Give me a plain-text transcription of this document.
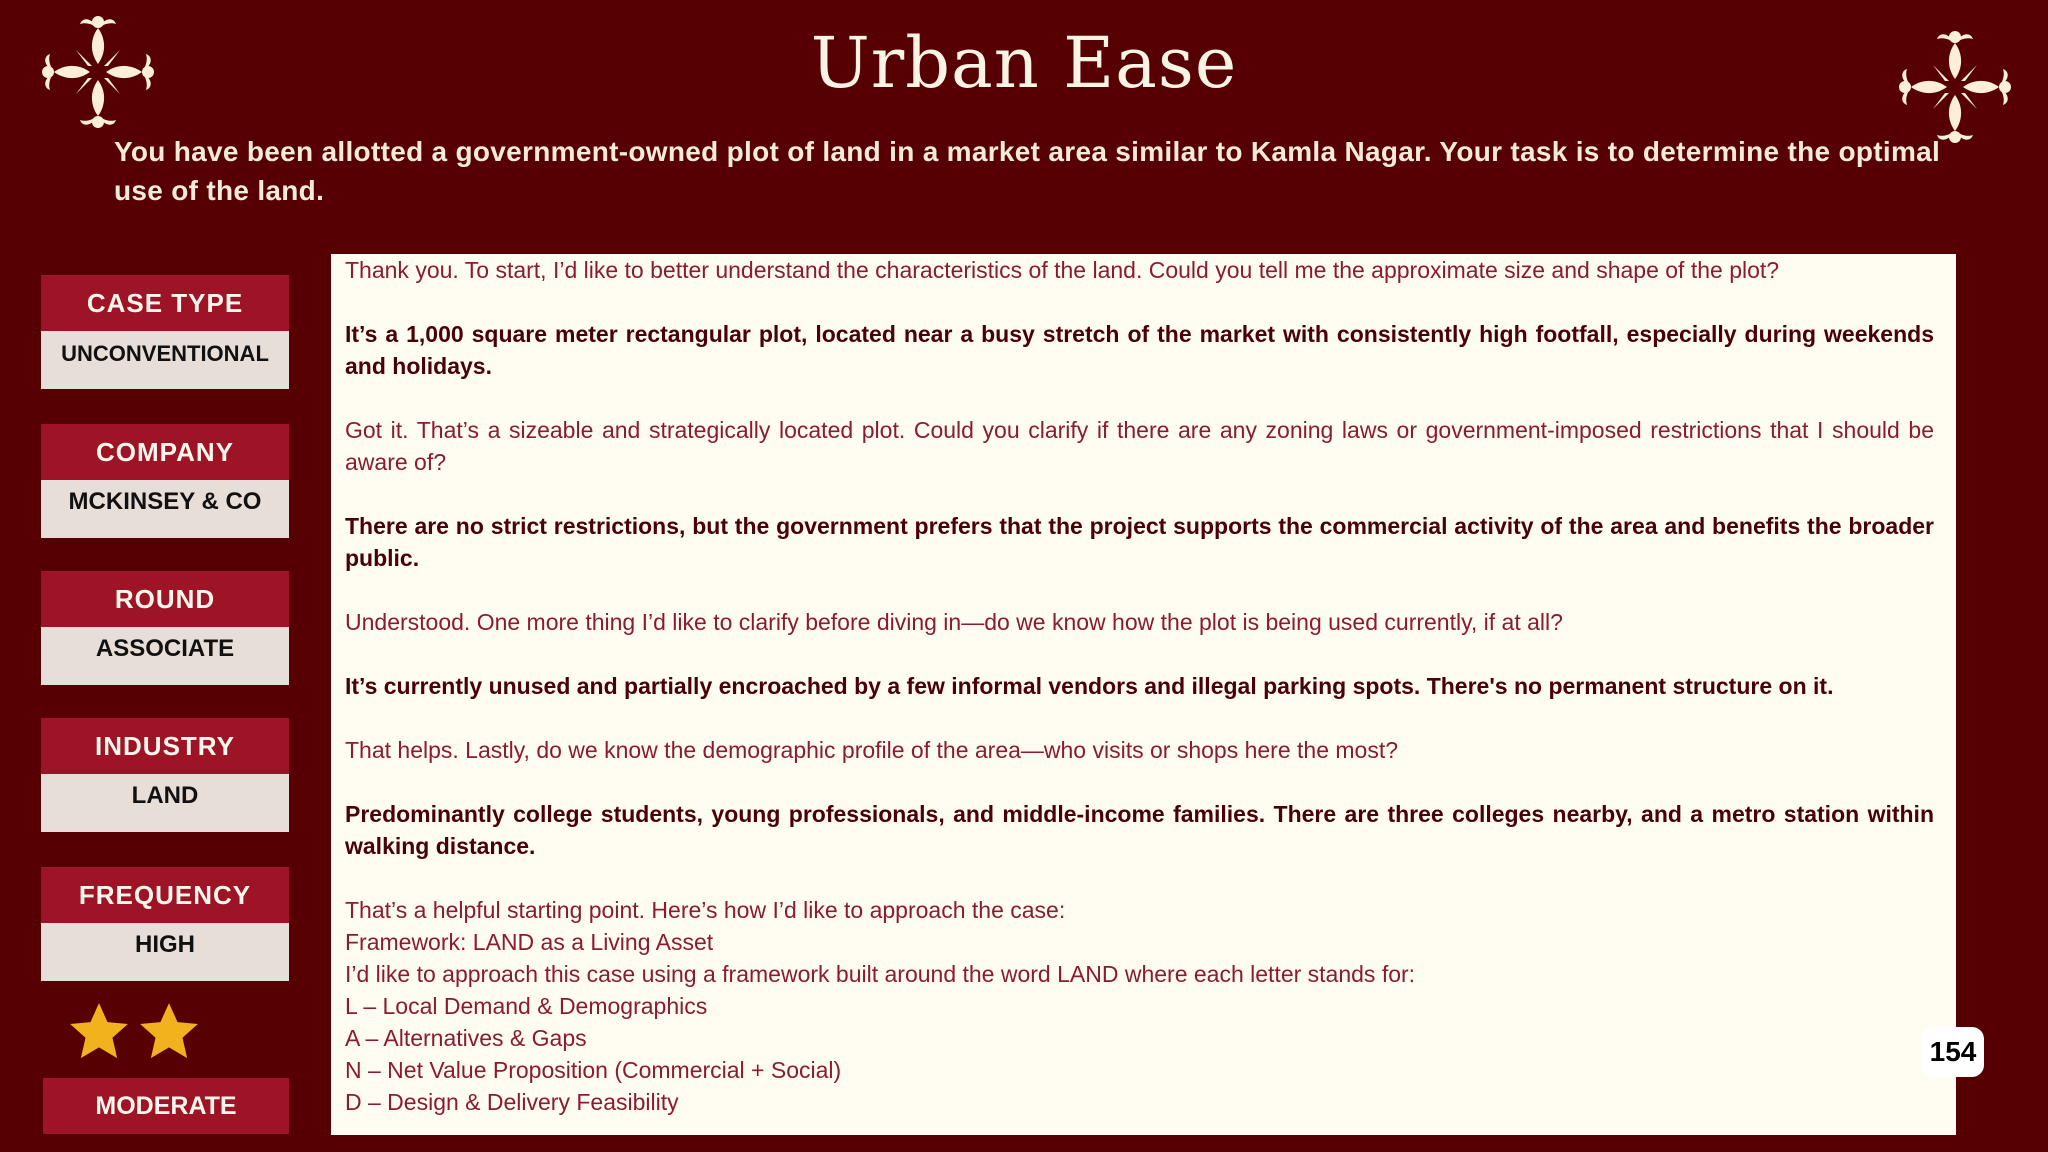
Urban Ease
You have been allotted a government-owned plot of land in a market area similar to Kamla Nagar. Your task is to determine the optimal use of the land.
CASE TYPE
UNCONVENTIONAL
COMPANY
MCKINSEY & CO
ROUND
ASSOCIATE
INDUSTRY
LAND
FREQUENCY
HIGH
MODERATE

Thank you. To start, I’d like to better understand the characteristics of the land. Could you tell me the approximate size and shape of the plot?

It’s a 1,000 square meter rectangular plot, located near a busy stretch of the market with consistently high footfall, especially during weekends and holidays.

Got it. That’s a sizeable and strategically located plot. Could you clarify if there are any zoning laws or government-imposed restrictions that I should be aware of?

There are no strict restrictions, but the government prefers that the project supports the commercial activity of the area and benefits the broader public.

Understood. One more thing I’d like to clarify before diving in—do we know how the plot is being used currently, if at all?

It’s currently unused and partially encroached by a few informal vendors and illegal parking spots. There's no permanent structure on it.

That helps. Lastly, do we know the demographic profile of the area—who visits or shops here the most?

Predominantly college students, young professionals, and middle-income families. There are three colleges nearby, and a metro station within walking distance.

That’s a helpful starting point. Here’s how I’d like to approach the case:
Framework: LAND as a Living Asset
I’d like to approach this case using a framework built around the word LAND where each letter stands for:
L – Local Demand & Demographics
A – Alternatives & Gaps
N – Net Value Proposition (Commercial + Social)
D – Design & Delivery Feasibility
154
